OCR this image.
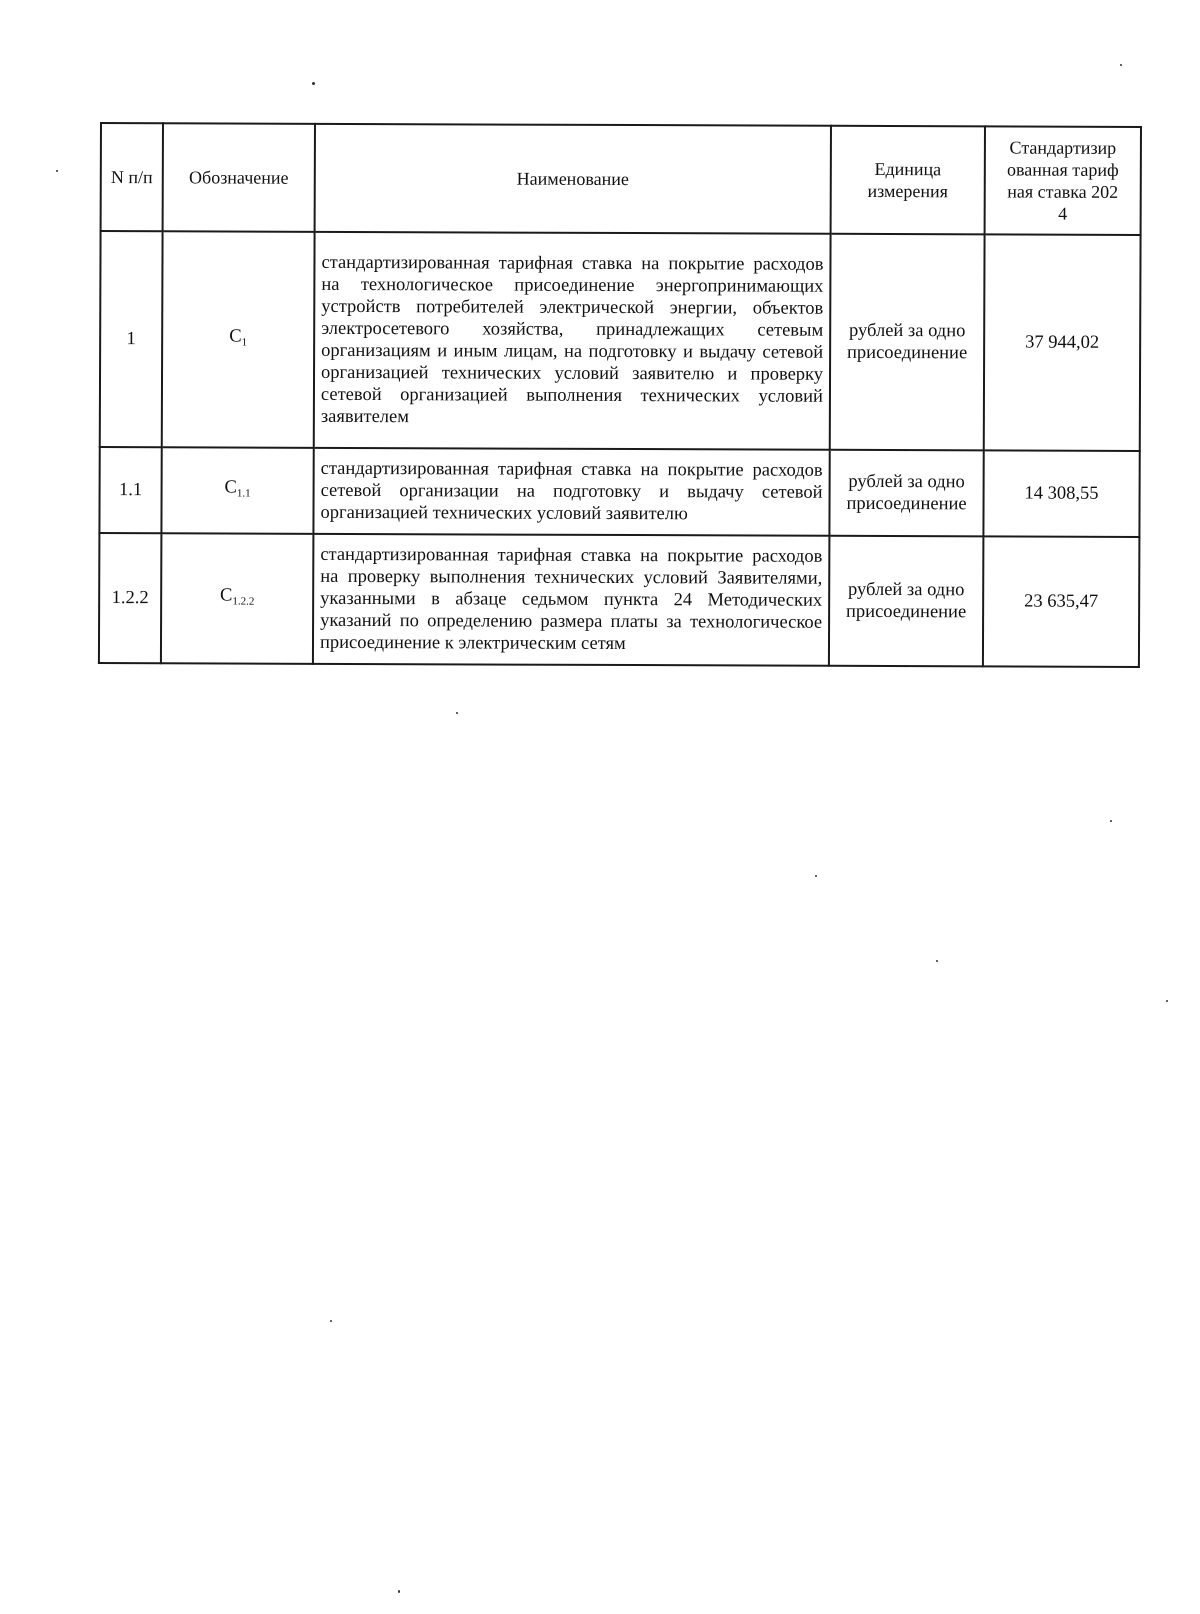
N п/п	Обозначение	Наименование	Единица измерения	Стандартизированная тарифная ставка 2024
1	$C_1$	стандартизированная тарифная ставка на покрытие расходов на технологическое присоединение энергопринимающих устройств потребителей электрической энергии, объектов электросетевого хозяйства, принадлежащих сетевым организациям и иным лицам, на подготовку и выдачу сетевой организацией технических условий заявителю и проверку сетевой организацией выполнения технических условий заявителем	рублей за одно присоединение	37 944,02
1.1	$C_{1.1}$	стандартизированная тарифная ставка на покрытие расходов сетевой организации на подготовку и выдачу сетевой организацией технических условий заявителю	рублей за одно присоединение	14 308,55
1.2.2	$C_{1.2.2}$	стандартизированная тарифная ставка на покрытие расходов на проверку выполнения технических условий Заявителями, указанными в абзаце седьмом пункта 24 Методических указаний по определению размера платы за технологическое присоединение к электрическим сетям	рублей за одно присоединение	23 635,47
